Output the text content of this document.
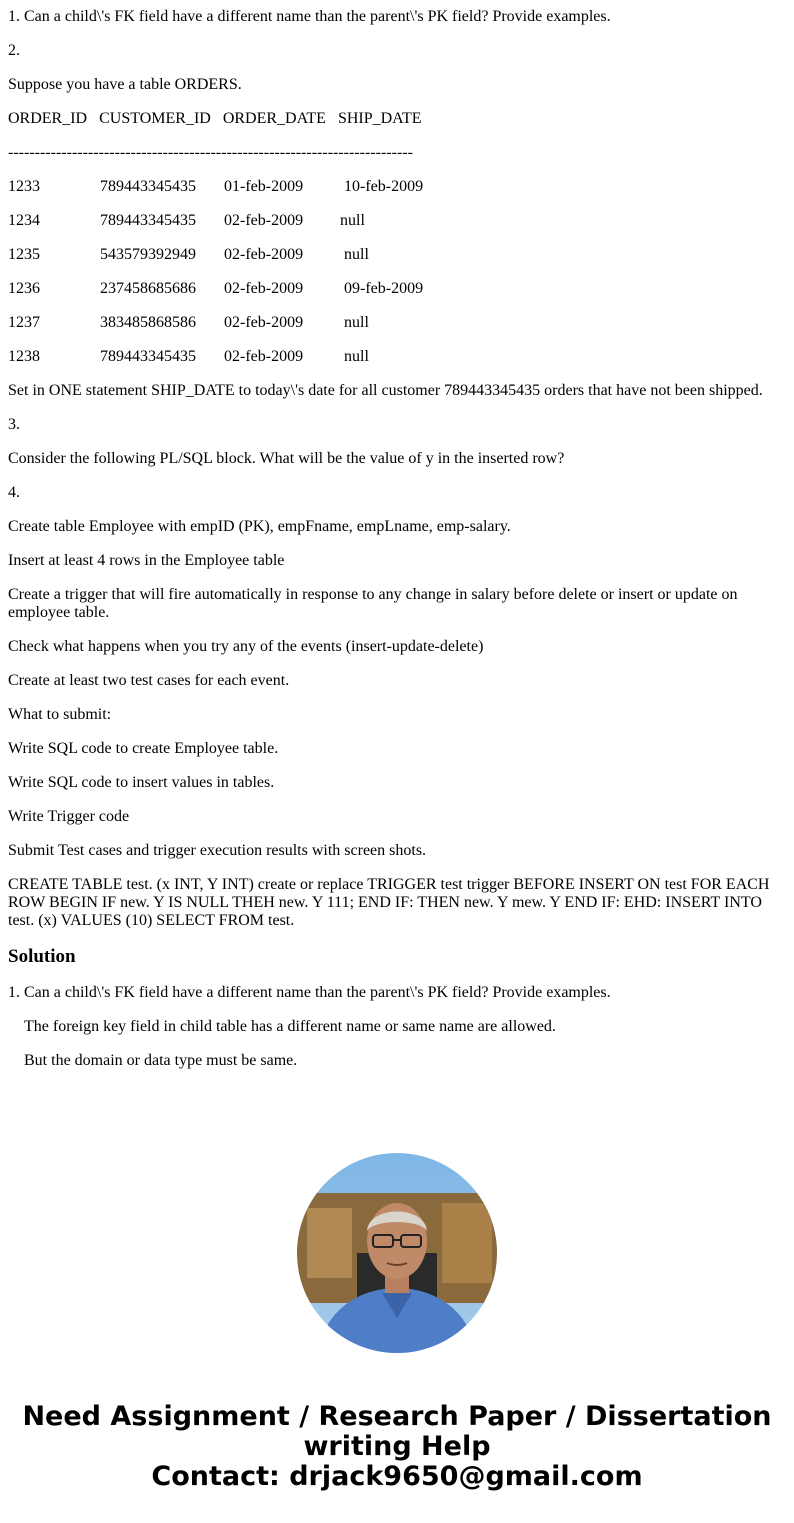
1. Can a child\'s FK field have a different name than the parent\'s PK field? Provide examples.

2.

Suppose you have a table ORDERS.

ORDER_ID   CUSTOMER_ID   ORDER_DATE   SHIP_DATE

----------------------------------------------------------------------------

1233	789443345435	01-feb-2009	10-feb-2009
1234	789443345435	02-feb-2009	null
1235	543579392949	02-feb-2009	null
1236	237458685686	02-feb-2009	09-feb-2009
1237	383485868586	02-feb-2009	null
1238	789443345435	02-feb-2009	null

Set in ONE statement SHIP_DATE to today\'s date for all customer 789443345435 orders that have not been shipped.

3.

Consider the following PL/SQL block. What will be the value of y in the inserted row?

4.

Create table Employee with empID (PK), empFname, empLname, emp-salary.

Insert at least 4 rows in the Employee table

Create a trigger that will fire automatically in response to any change in salary before delete or insert or update on employee table.

Check what happens when you try any of the events (insert-update-delete)

Create at least two test cases for each event.

What to submit:

Write SQL code to create Employee table.

Write SQL code to insert values in tables.

Write Trigger code

Submit Test cases and trigger execution results with screen shots.

CREATE TABLE test. (x INT, Y INT) create or replace TRIGGER test trigger BEFORE INSERT ON test FOR EACH ROW BEGIN IF new. Y IS NULL THEH new. Y 111; END IF: THEN new. Y mew. Y END IF: EHD: INSERT INTO test. (x) VALUES (10) SELECT FROM test.

Solution

1. Can a child\'s FK field have a different name than the parent\'s PK field? Provide examples.

The foreign key field in child table has a different name or same name are allowed.

But the domain or data type must be same.

Need Assignment / Research Paper / Dissertation
writing Help
Contact: drjack9650@gmail.com
